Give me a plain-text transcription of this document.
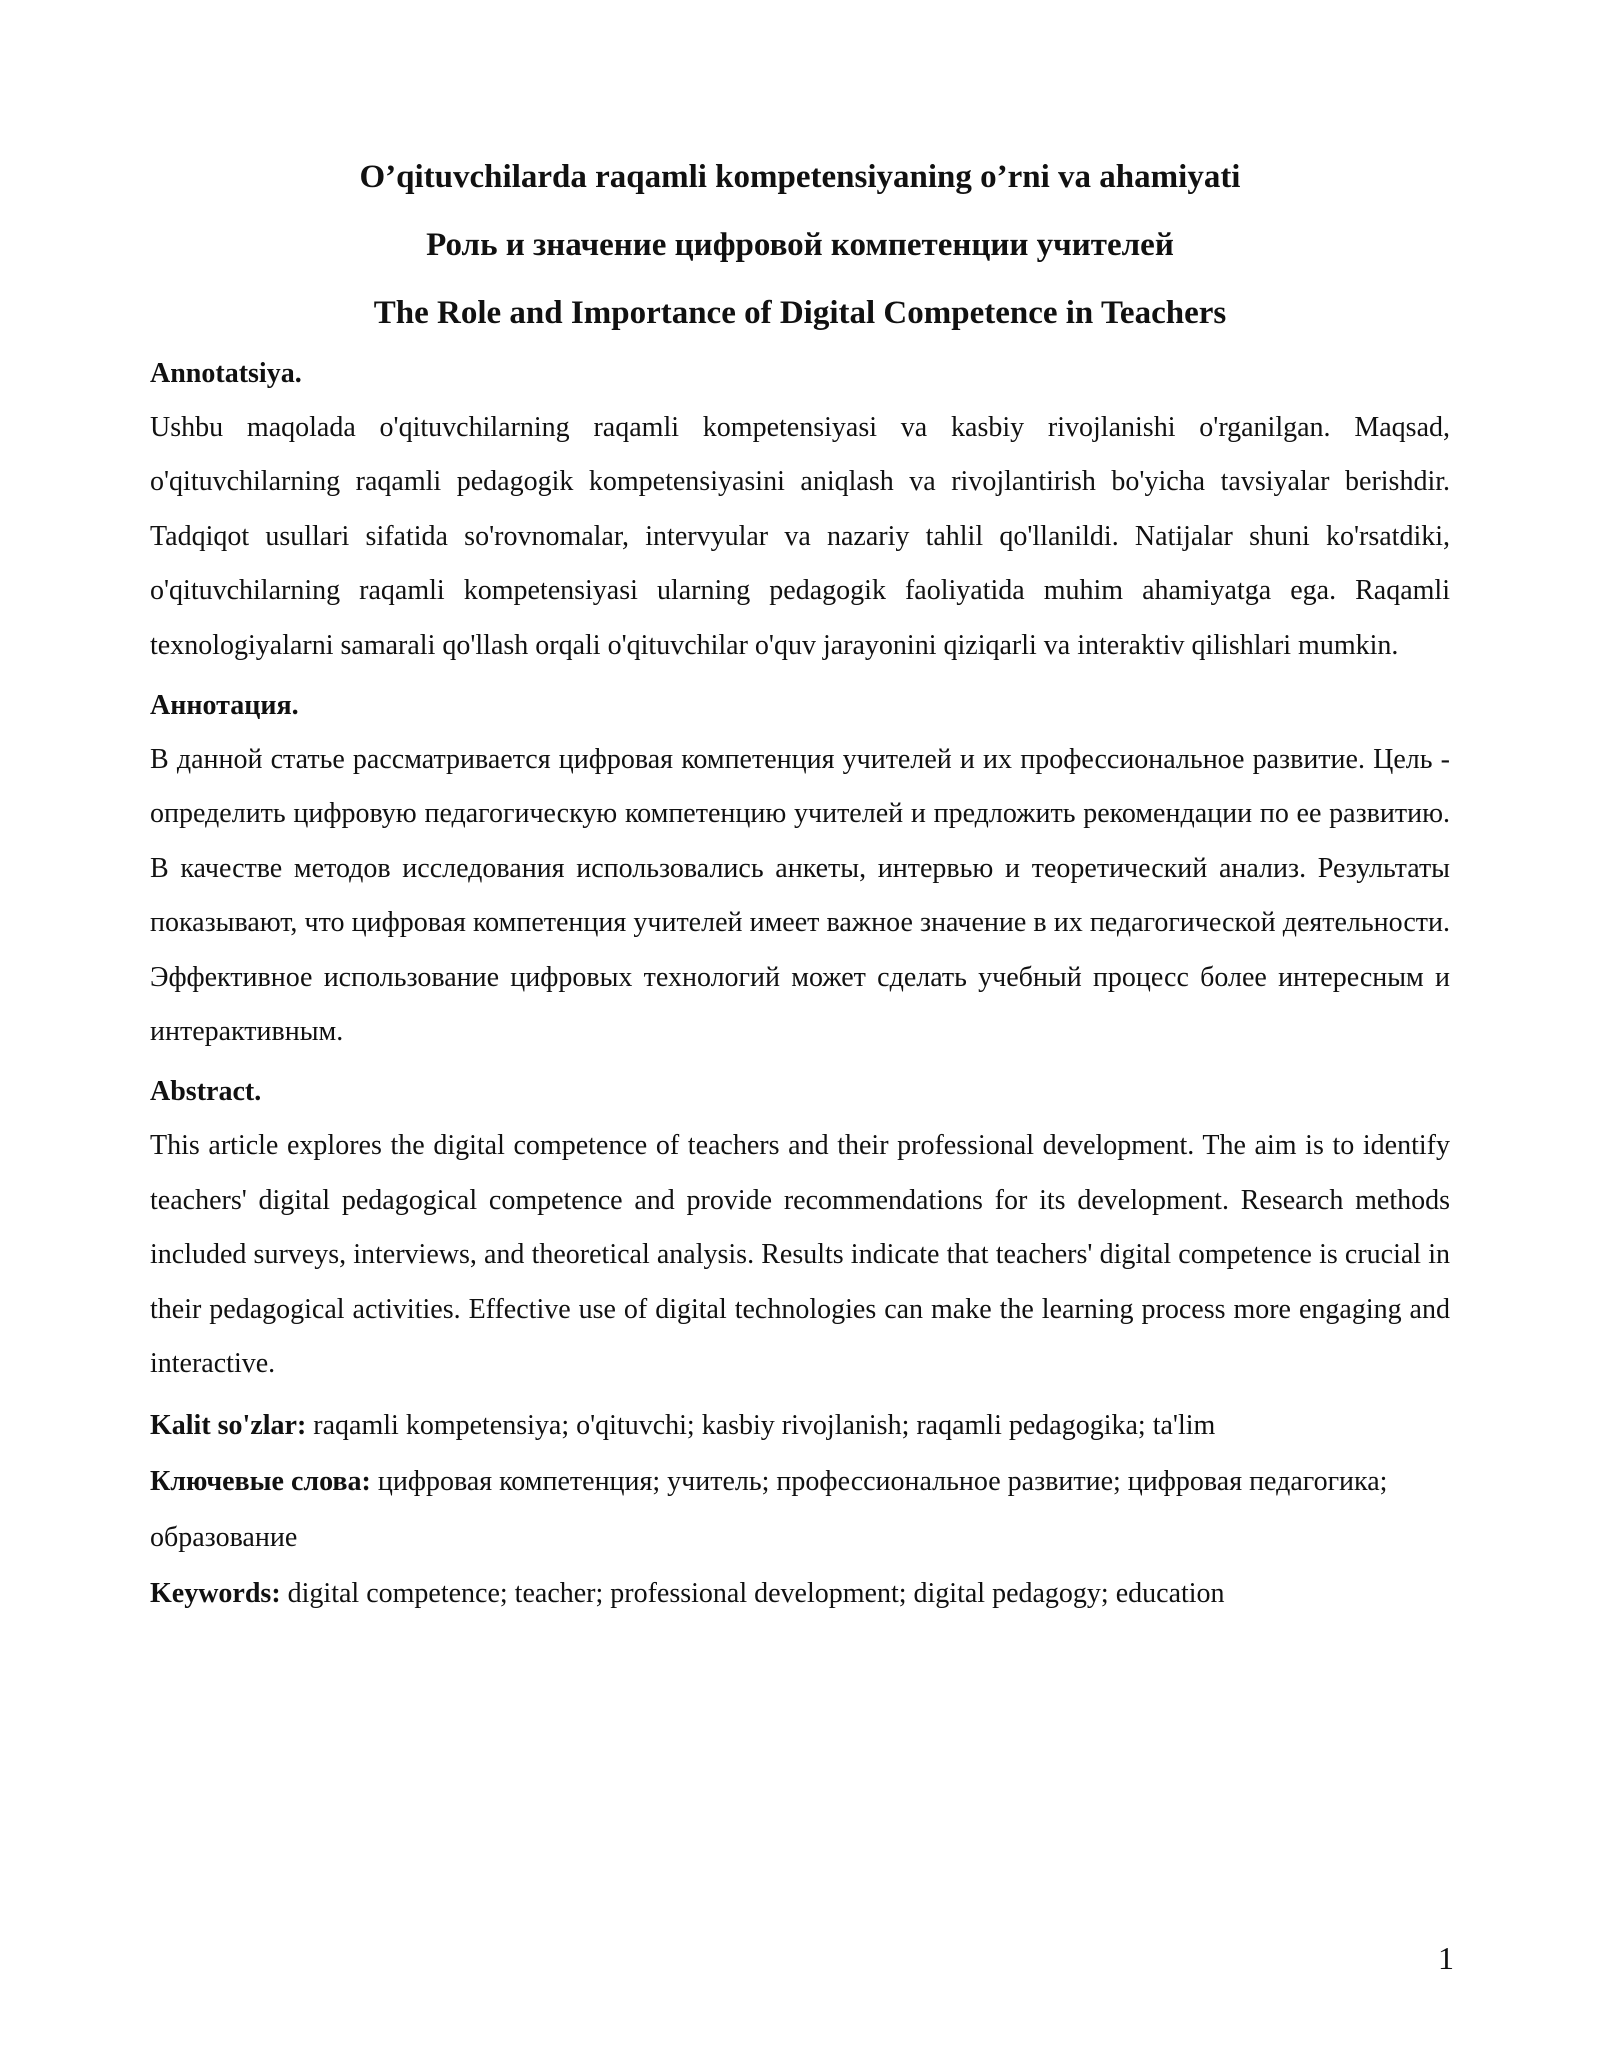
O’qituvchilarda raqamli kompetensiyaning o’rni va ahamiyati

Роль и значение цифровой компетенции учителей

The Role and Importance of Digital Competence in Teachers

Annotatsiya.

Ushbu maqolada o'qituvchilarning raqamli kompetensiyasi va kasbiy rivojlanishi o'rganilgan. Maqsad, o'qituvchilarning raqamli pedagogik kompetensiyasini aniqlash va rivojlantirish bo'yicha tavsiyalar berishdir. Tadqiqot usullari sifatida so'rovnomalar, intervyular va nazariy tahlil qo'llanildi. Natijalar shuni ko'rsatdiki, o'qituvchilarning raqamli kompetensiyasi ularning pedagogik faoliyatida muhim ahamiyatga ega. Raqamli texnologiyalarni samarali qo'llash orqali o'qituvchilar o'quv jarayonini qiziqarli va interaktiv qilishlari mumkin.

Аннотация.

В данной статье рассматривается цифровая компетенция учителей и их профессиональное развитие. Цель - определить цифровую педагогическую компетенцию учителей и предложить рекомендации по ее развитию. В качестве методов исследования использовались анкеты, интервью и теоретический анализ. Результаты показывают, что цифровая компетенция учителей имеет важное значение в их педагогической деятельности. Эффективное использование цифровых технологий может сделать учебный процесс более интересным и интерактивным.

Abstract.

This article explores the digital competence of teachers and their professional development. The aim is to identify teachers' digital pedagogical competence and provide recommendations for its development. Research methods included surveys, interviews, and theoretical analysis. Results indicate that teachers' digital competence is crucial in their pedagogical activities. Effective use of digital technologies can make the learning process more engaging and interactive.

Kalit so'zlar: raqamli kompetensiya; o'qituvchi; kasbiy rivojlanish; raqamli pedagogika; ta'lim

Ключевые слова: цифровая компетенция; учитель; профессиональное развитие; цифровая педагогика; образование

Keywords: digital competence; teacher; professional development; digital pedagogy; education

1
